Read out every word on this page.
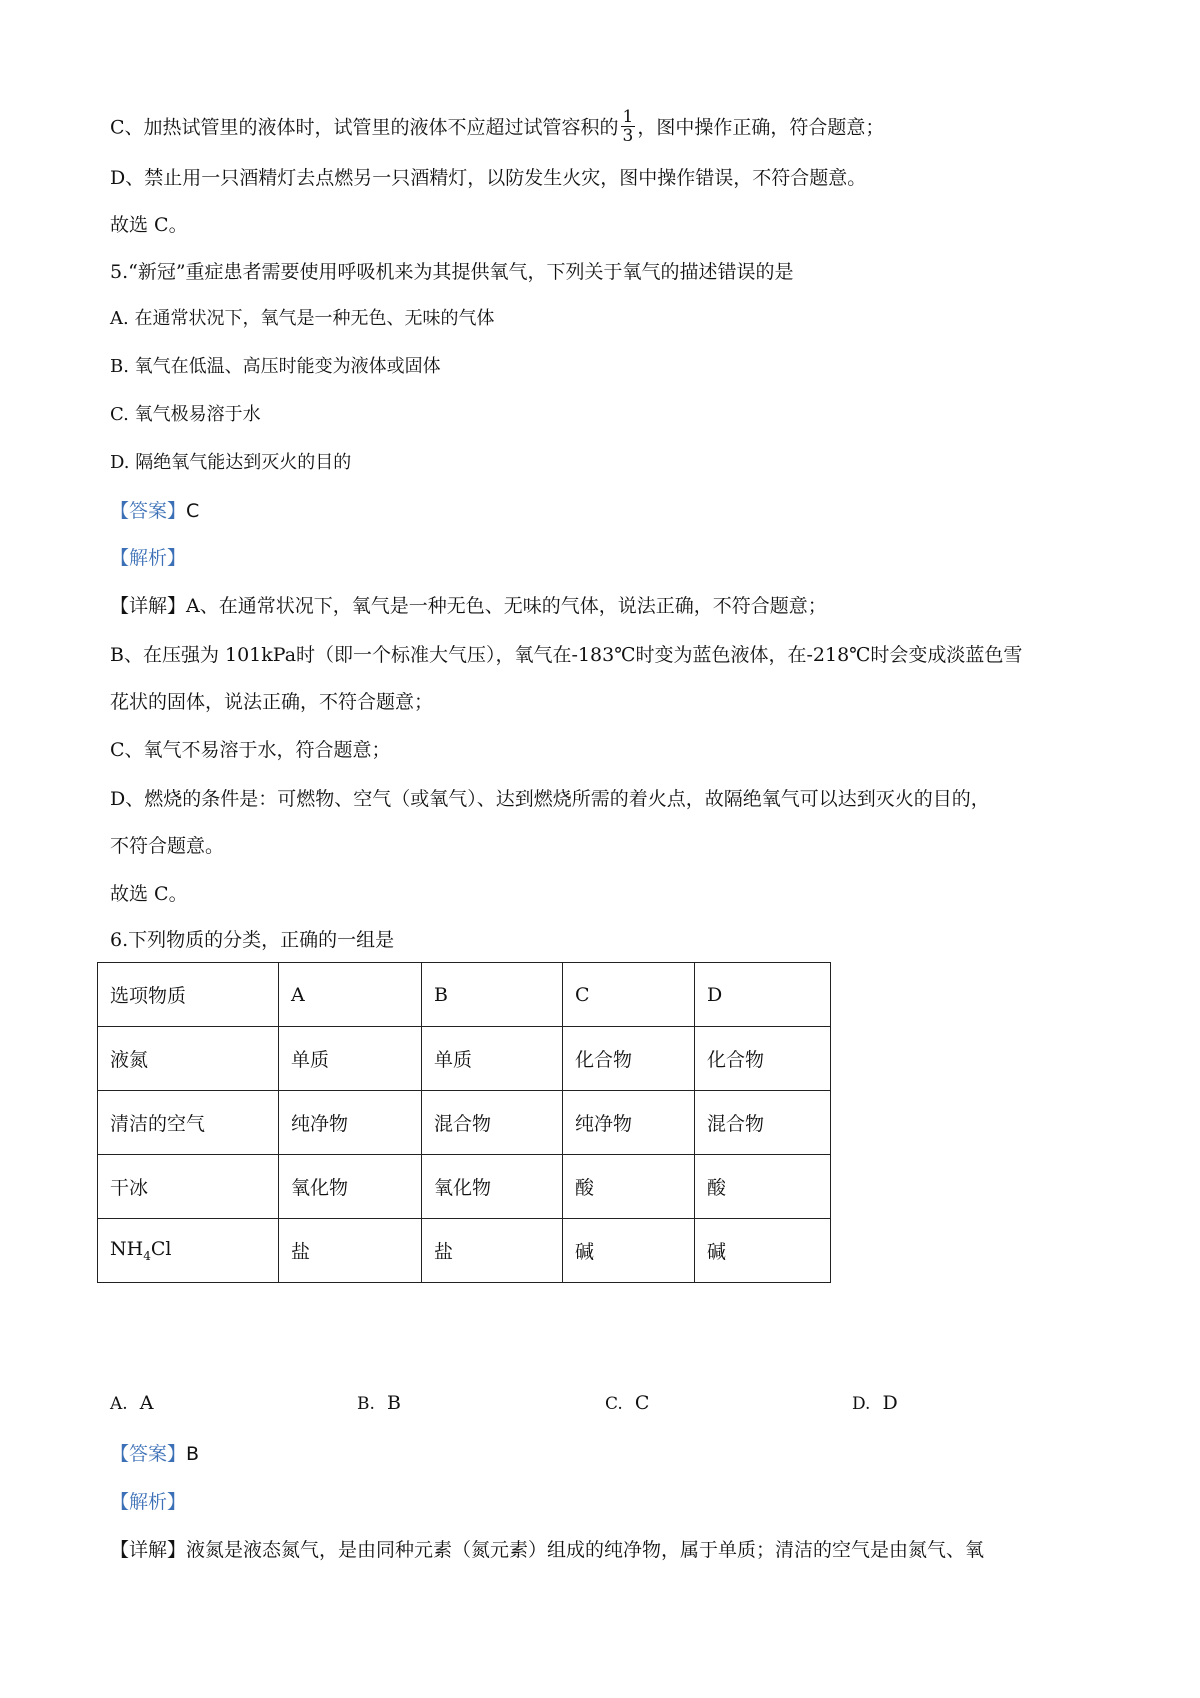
C、加热试管里的液体时，试管里的液体不应超过试管容积的 $\frac{1}{3}$ ，图中操作正确，符合题意；
D、禁止用一只酒精灯去点燃另一只酒精灯，以防发生火灾，图中操作错误，不符合题意。
故选 C。
5.“新冠”重症患者需要使用呼吸机来为其提供氧气，下列关于氧气的描述错误的是
A. 在通常状况下，氧气是一种无色、无味的气体
B. 氧气在低温、高压时能变为液体或固体
C. 氧气极易溶于水
D. 隔绝氧气能达到灭火的目的
【答案】C
【解析】
【详解】A、在通常状况下，氧气是一种无色、无味的气体，说法正确，不符合题意；
B、在压强为 101kPa时（即一个标准大气压），氧气在-183℃时变为蓝色液体，在-218℃时会变成淡蓝色雪
花状的固体，说法正确，不符合题意；
C、氧气不易溶于水，符合题意；
D、燃烧的条件是：可燃物、空气（或氧气）、达到燃烧所需的着火点，故隔绝氧气可以达到灭火的目的，
不符合题意。
故选 C。
6.下列物质的分类，正确的一组是
选项物质	A	B	C	D
液氮	单质	单质	化合物	化合物
清洁的空气	纯净物	混合物	纯净物	混合物
干冰	氧化物	氧化物	酸	酸
$NH_4Cl$	盐	盐	碱	碱
A. A	B. B	C. C	D. D
【答案】B
【解析】
【详解】液氮是液态氮气，是由同种元素（氮元素）组成的纯净物，属于单质；清洁的空气是由氮气、氧
